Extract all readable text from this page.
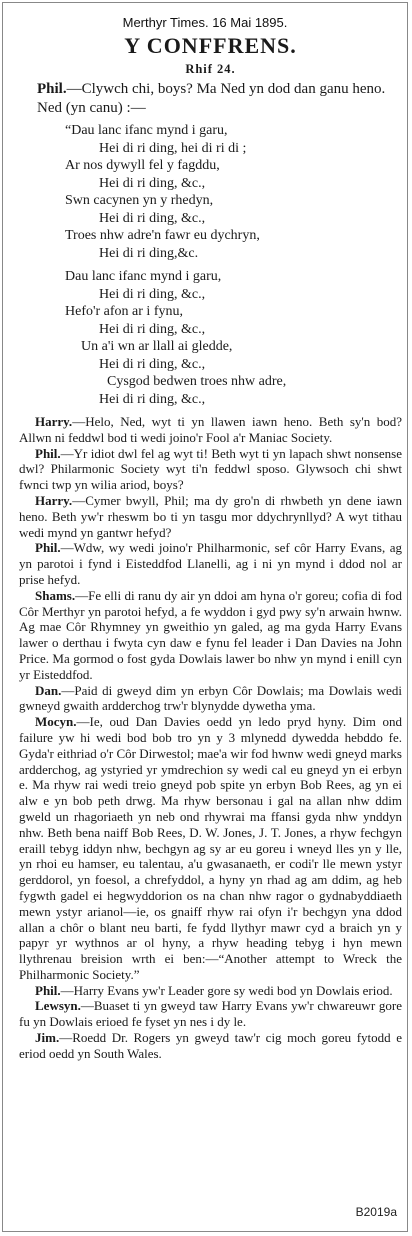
Merthyr Times. 16 Mai 1895.
Y CONFFRENS.
Rhif 24.

Phil.—Clywch chi, boys? Ma Ned yn dod dan ganu heno.

Ned (yn canu) :—

“Dau lanc ifanc mynd i garu,
Hei di ri ding, hei di ri di ;
Ar nos dywyll fel y fagddu,
Hei di ri ding, &c.,
Swn cacynen yn y rhedyn,
Hei di ri ding, &c.,
Troes nhw adre'n fawr eu dychryn,
Hei di ri ding,&c.
Dau lanc ifanc mynd i garu,
Hei di ri ding, &c.,
Hefo'r afon ar i fynu,
Hei di ri ding, &c.,
Un a'i wn ar llall ai gledde,
Hei di ri ding, &c.,
Cysgod bedwen troes nhw adre,
Hei di ri ding, &c.,

Harry.—Helo, Ned, wyt ti yn llawen iawn heno. Beth sy'n bod? Allwn ni feddwl bod ti wedi joino'r Fool a'r Maniac Society.

Phil.—Yr idiot dwl fel ag wyt ti! Beth wyt ti yn lapach shwt nonsense dwl? Philarmonic Society wyt ti'n feddwl sposo. Glywsoch chi shwt fwnci twp yn wilia ariod, boys?

Harry.—Cymer bwyll, Phil; ma dy gro'n di rhwbeth yn dene iawn heno. Beth yw'r rheswm bo ti yn tasgu mor ddychrynllyd? A wyt tithau wedi mynd yn gantwr hefyd?

Phil.—Wdw, wy wedi joino'r Philharmonic, sef côr Harry Evans, ag yn parotoi i fynd i Eisteddfod Llanelli, ag i ni yn mynd i ddod nol ar prise hefyd.

Shams.—Fe elli di ranu dy air yn ddoi am hyna o'r goreu; cofia di fod Côr Merthyr yn parotoi hefyd, a fe wyddon i gyd pwy sy'n arwain hwnw. Ag mae Côr Rhymney yn gweithio yn galed, ag ma gyda Harry Evans lawer o derthau i fwyta cyn daw e fynu fel leader i Dan Davies na John Price. Ma gormod o fost gyda Dowlais lawer bo nhw yn mynd i enill cyn yr Eisteddfod.

Dan.—Paid di gweyd dim yn erbyn Côr Dowlais; ma Dowlais wedi gwneyd gwaith ardderchog trw'r blynydde dywetha yma.

Mocyn.—Ie, oud Dan Davies oedd yn ledo pryd hyny. Dim ond failure yw hi wedi bod bob tro yn y 3 mlynedd dywedda hebddo fe. Gyda'r eithriad o'r Côr Dirwestol; mae'a wir fod hwnw wedi gneyd marks ardderchog, ag ystyried yr ymdrechion sy wedi cal eu gneyd yn ei erbyn e. Ma rhyw rai wedi treio gneyd pob spite yn erbyn Bob Rees, ag yn ei alw e yn bob peth drwg. Ma rhyw bersonau i gal na allan nhw ddim gweld un rhagoriaeth yn neb ond rhywrai ma ffansi gyda nhw ynddyn nhw. Beth bena naiff Bob Rees, D. W. Jones, J. T. Jones, a rhyw fechgyn eraill tebyg iddyn nhw, bechgyn ag sy ar eu goreu i wneyd lles yn y lle, yn rhoi eu hamser, eu talentau, a'u gwasanaeth, er codi'r lle mewn ystyr gerddorol, yn foesol, a chrefyddol, a hyny yn rhad ag am ddim, ag heb fygwth gadel ei hegwyddorion os na chan nhw ragor o gydnabyddiaeth mewn ystyr arianol—ie, os gnaiff rhyw rai ofyn i'r bechgyn yna ddod allan a chôr o blant neu barti, fe fydd llythyr mawr cyd a braich yn y papyr yr wythnos ar ol hyny, a rhyw heading tebyg i hyn mewn llythrenau breision wrth ei ben:—“Another attempt to Wreck the Philharmonic Society.”

Phil.—Harry Evans yw'r Leader gore sy wedi bod yn Dowlais eriod.

Lewsyn.—Buaset ti yn gweyd taw Harry Evans yw'r chwareuwr gore fu yn Dowlais erioed fe fyset yn nes i dy le.

Jim.—Roedd Dr. Rogers yn gweyd taw'r cig moch goreu fytodd e eriod oedd yn South Wales.

B2019a
